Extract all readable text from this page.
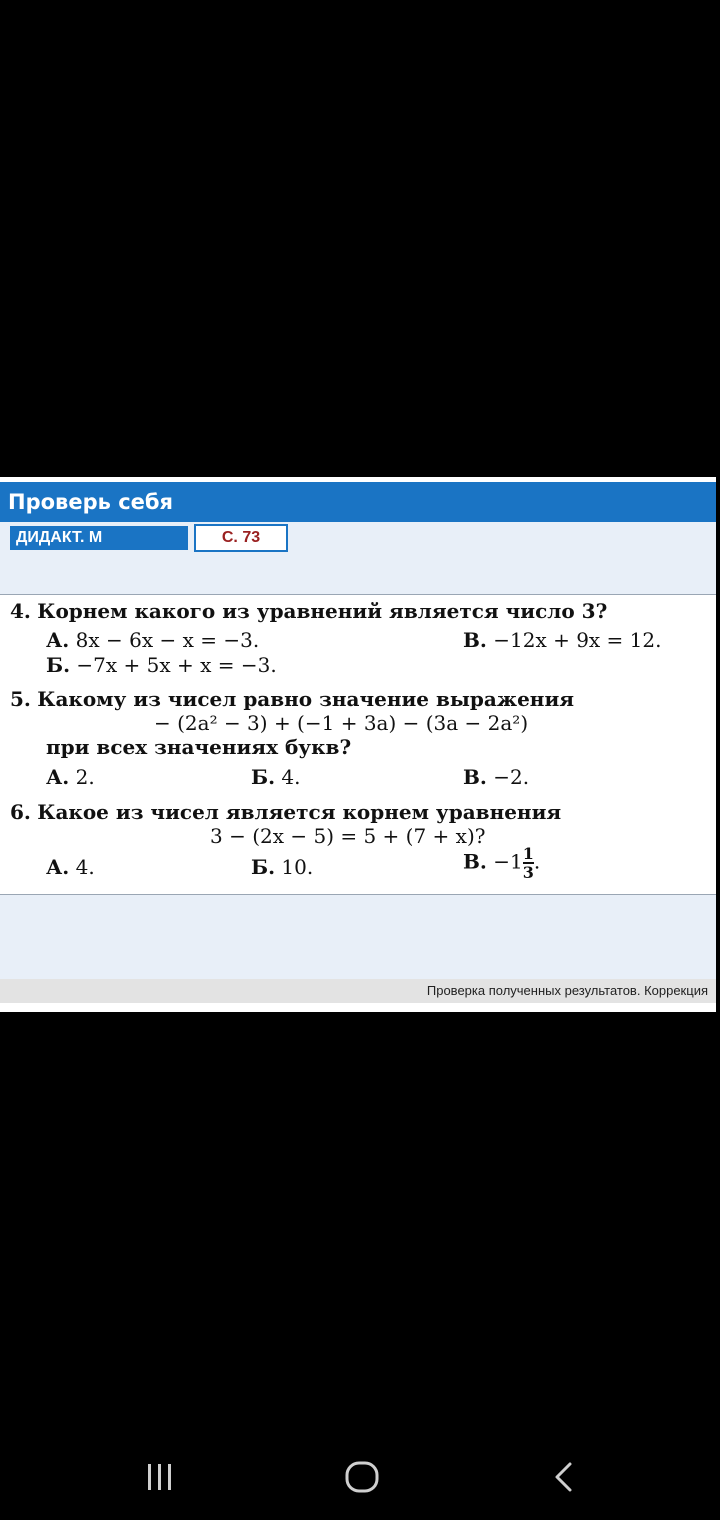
Проверь себя
ДИДАКТ. М	С. 73
4. Корнем какого из уравнений является число 3?
А. 8x − 6x − x = −3.	В. −12x + 9x = 12.
Б. −7x + 5x + x = −3.
5. Какому из чисел равно значение выражения
− (2a² − 3) + (−1 + 3a) − (3a − 2a²)
при всех значениях букв?
А. 2.	Б. 4.	В. −2.
6. Какое из чисел является корнем уравнения
3 − (2x − 5) = 5 + (7 + x)?
А. 4.	Б. 10.	В. $-1 \frac{1}{3}$ .
Проверка полученных результатов. Коррекция
